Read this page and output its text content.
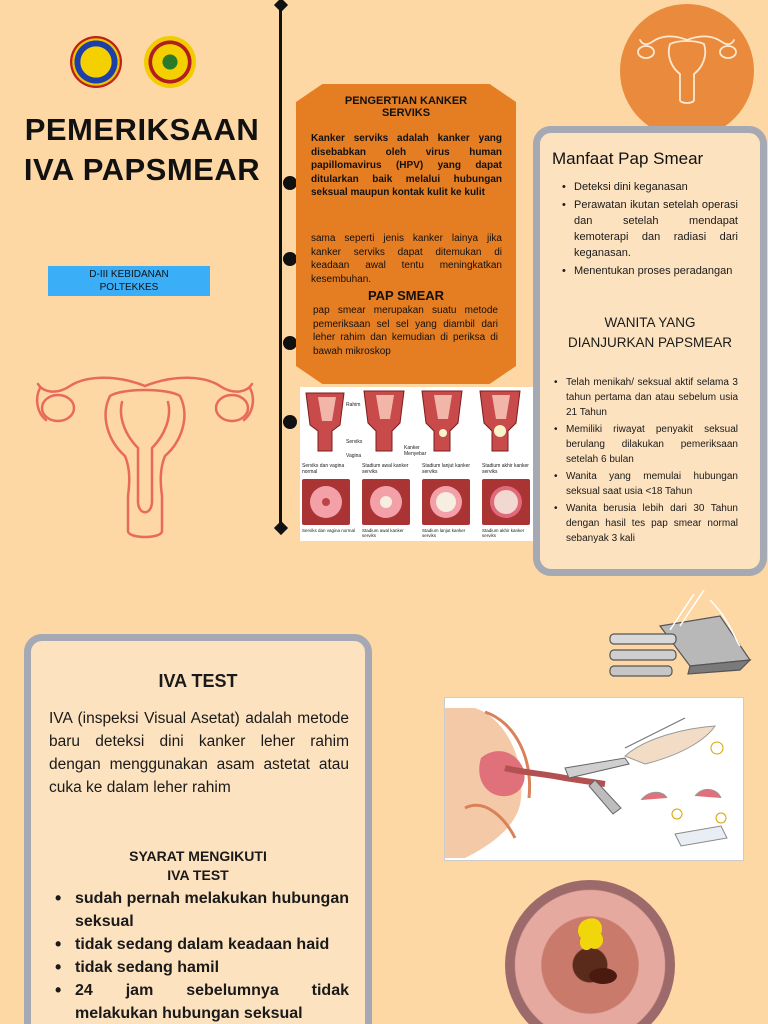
PEMERIKSAAN
IVA PAPSMEAR
D-III KEBIDANAN
POLTEKKES
PENGERTIAN KANKER
SERVIKS
Kanker serviks adalah kanker yang disebabkan oleh virus human papillomavirus (HPV) yang dapat ditularkan baik melalui hubungan seksual maupun kontak kulit ke kulit
sama seperti jenis kanker lainya jika kanker serviks dapat ditemukan di keadaan awal tentu meningkatkan kesembuhan.
PAP SMEAR
pap smear merupakan suatu metode pemeriksaan sel sel yang diambil dari leher rahim dan kemudian di periksa di bawah mikroskop
Rahim
Serviks
Vagina
Kanker Menyebar
Serviks dan vagina normal
Stadium awal kanker serviks
Stadium lanjut kanker serviks
Stadium akhir kanker serviks
Serviks dan vagina normal	Stadium awal kanker serviks
Stadium lanjut kanker serviks
Stadium akhir kanker serviks
Manfaat Pap Smear
• Deteksi dini keganasan
• Perawatan ikutan setelah operasi dan setelah mendapat kemoterapi dan radiasi dari keganasan.
• Menentukan proses peradangan
WANITA YANG
DIANJURKAN PAPSMEAR
• Telah menikah/ seksual aktif selama 3 tahun pertama dan atau sebelum usia 21 Tahun
• Memiliki riwayat penyakit seksual berulang dilakukan pemeriksaan setelah 6 bulan
• Wanita yang memulai hubungan seksual saat usia <18 Tahun
• Wanita berusia lebih dari 30 Tahun dengan hasil tes pap smear normal sebanyak 3 kali
IVA TEST
IVA (inspeksi Visual Asetat) adalah metode baru deteksi dini kanker leher rahim dengan menggunakan asam astetat atau cuka ke dalam leher rahim
SYARAT MENGIKUTI
IVA TEST
• sudah pernah melakukan hubungan seksual
• tidak sedang dalam keadaan haid
• tidak sedang hamil
• 24 jam sebelumnya tidak melakukan hubungan seksual
